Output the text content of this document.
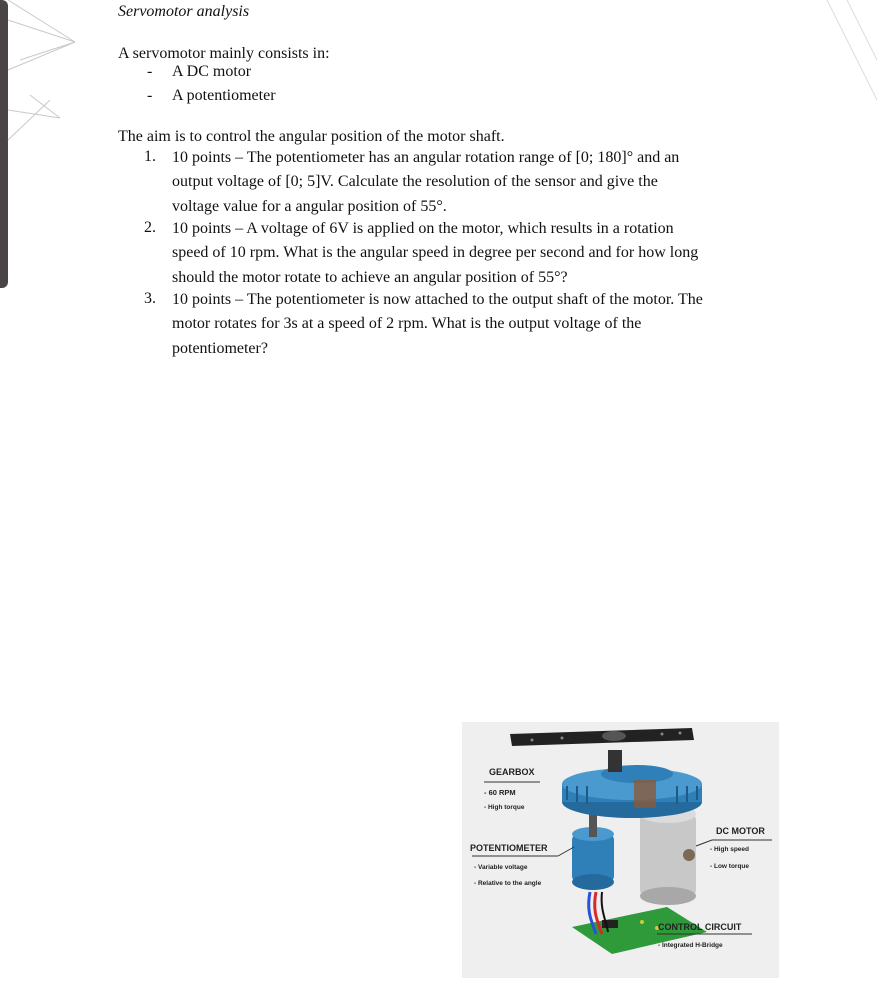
Servomotor analysis
A servomotor mainly consists in:
- A DC motor
- A potentiometer
The aim is to control the angular position of the motor shaft.
1. 10 points – The potentiometer has an angular rotation range of [0; 180]° and an
output voltage of [0; 5]V. Calculate the resolution of the sensor and give the
voltage value for a angular position of 55°.
2. 10 points – A voltage of 6V is applied on the motor, which results in a rotation
speed of 10 rpm. What is the angular speed in degree per second and for how long
should the motor rotate to achieve an angular position of 55°?
3. 10 points – The potentiometer is now attached to the output shaft of the motor. The
motor rotates for 3s at a speed of 2 rpm. What is the output voltage of the
potentiometer?
GEARBOX
- 60 RPM
- High torque
POTENTIOMETER
- Variable voltage
- Relative to the angle
DC MOTOR
- High speed
- Low torque
CONTROL CIRCUIT
- Integrated H-Bridge
